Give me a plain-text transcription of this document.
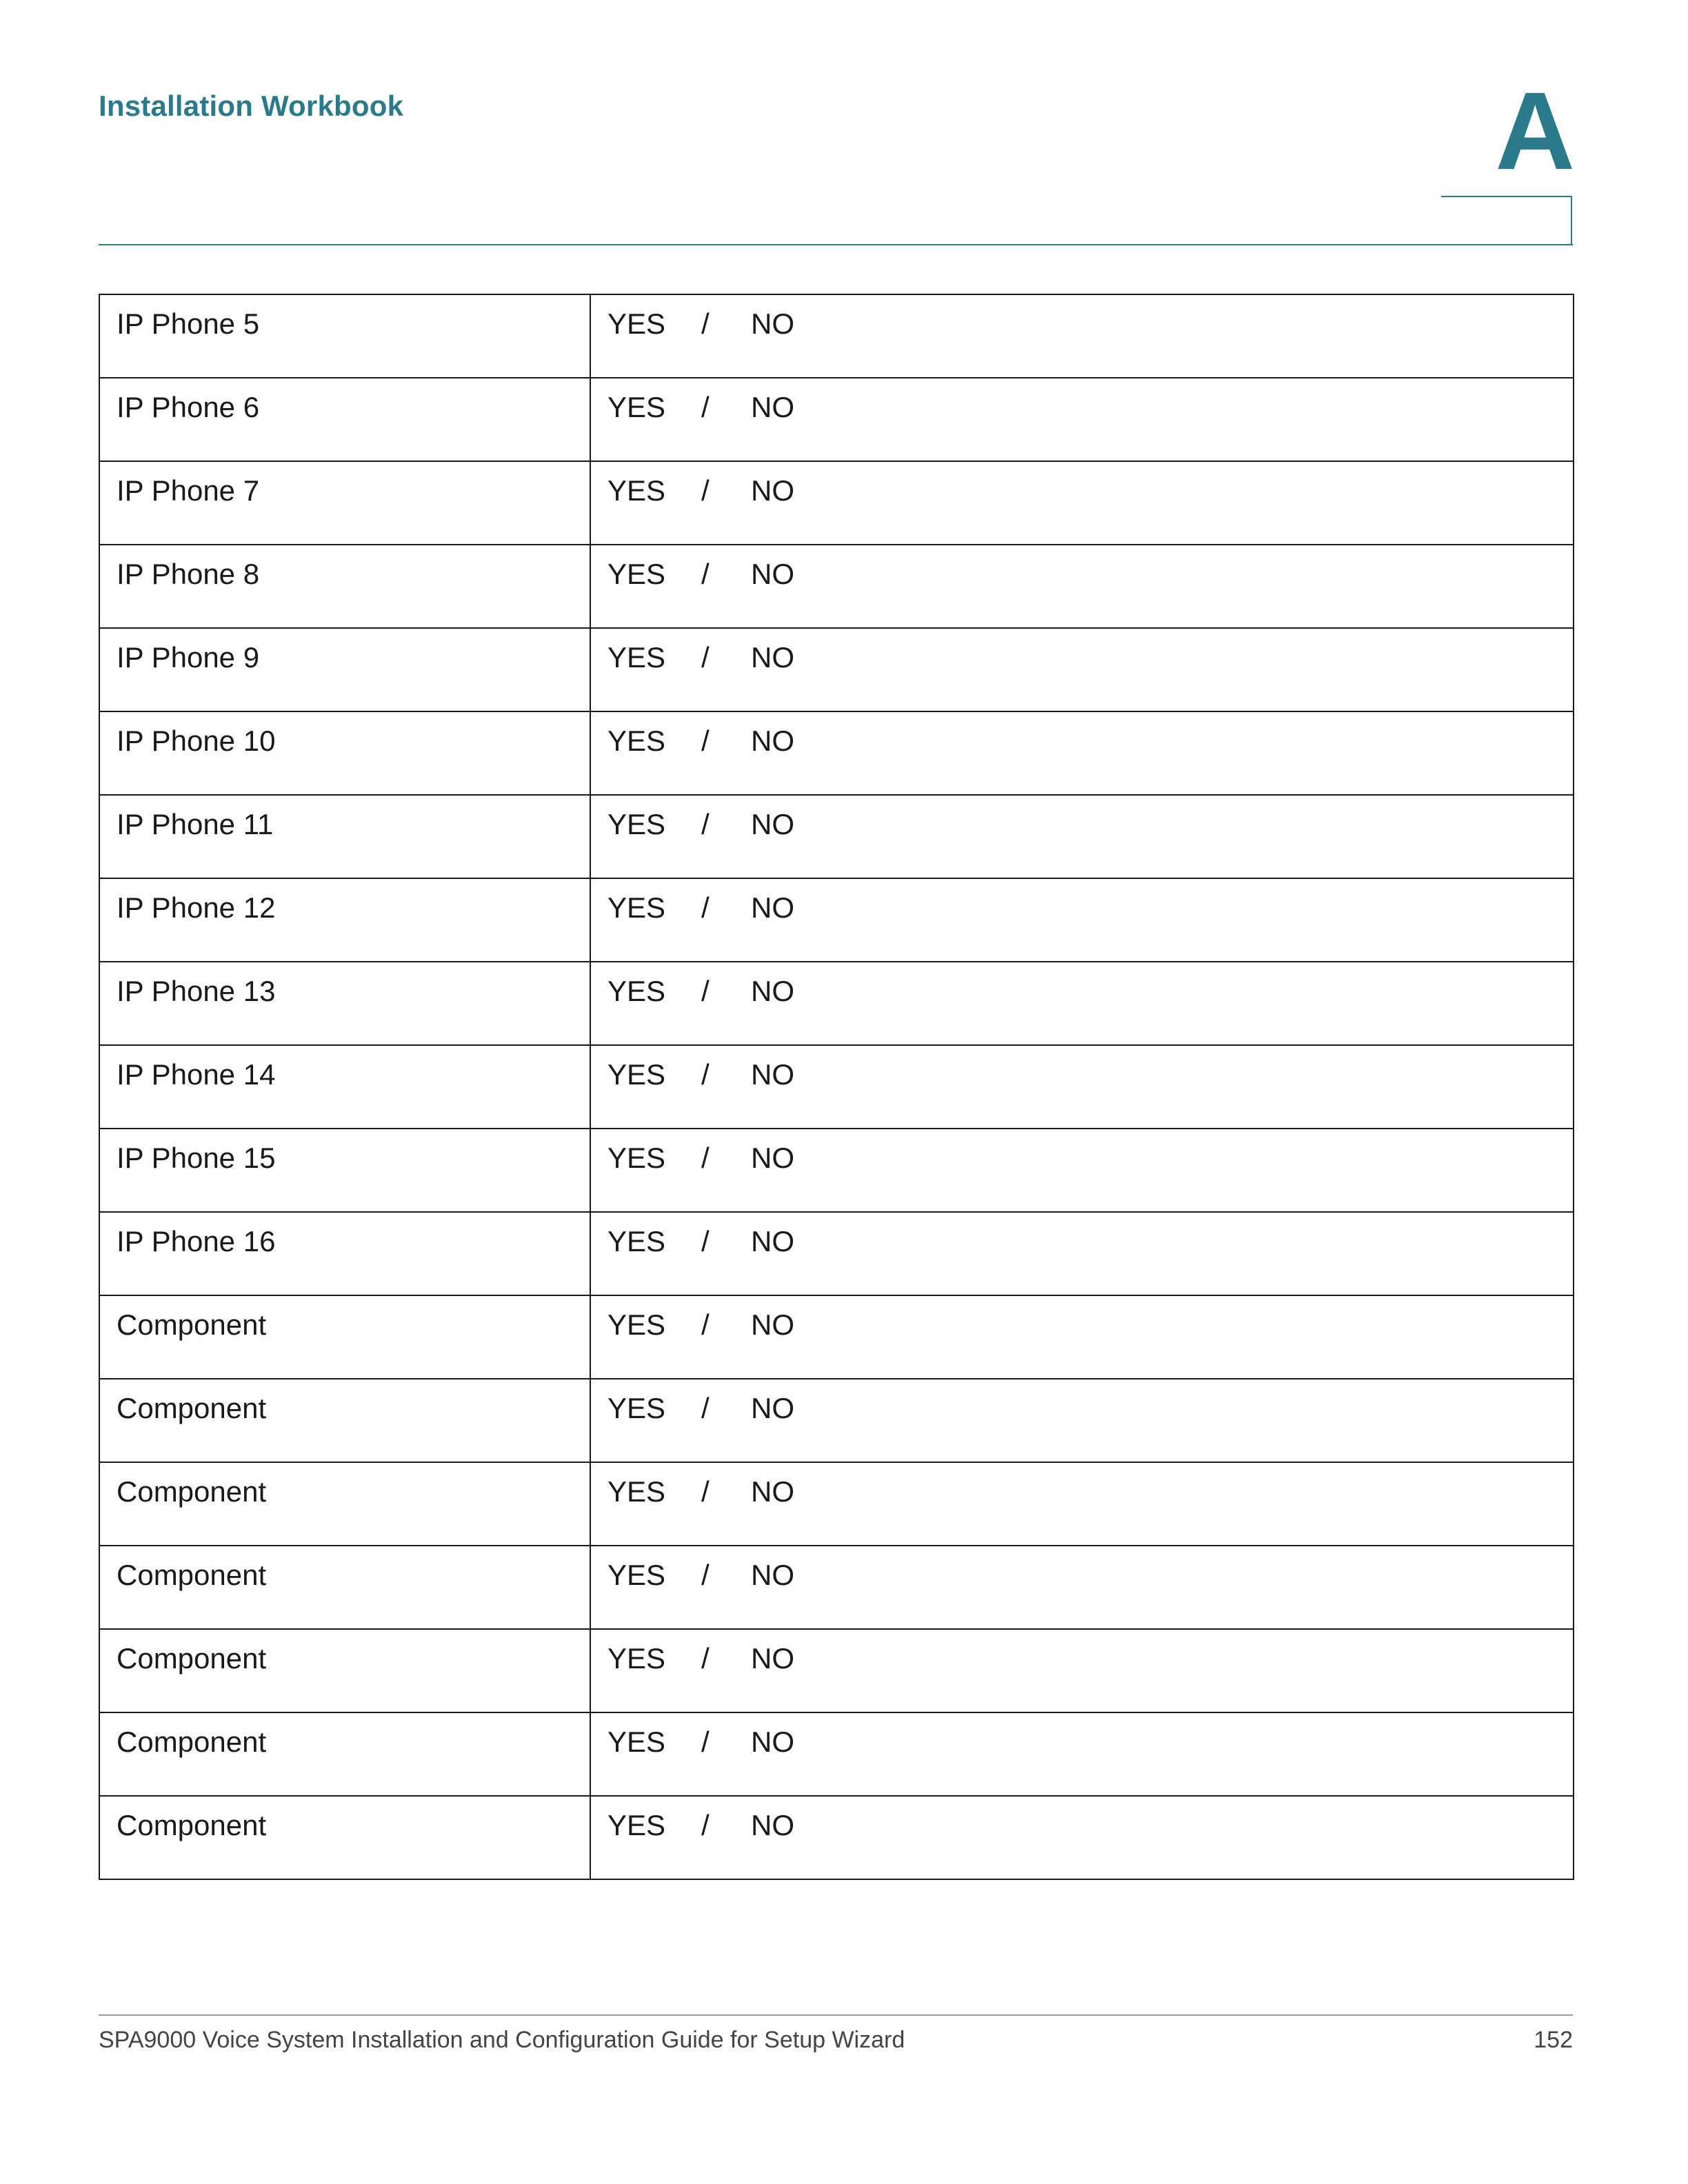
Installation Workbook	A
IP Phone 5	YES / NO
IP Phone 6	YES / NO
IP Phone 7	YES / NO
IP Phone 8	YES / NO
IP Phone 9	YES / NO
IP Phone 10	YES / NO
IP Phone 11	YES / NO
IP Phone 12	YES / NO
IP Phone 13	YES / NO
IP Phone 14	YES / NO
IP Phone 15	YES / NO
IP Phone 16	YES / NO
Component	YES / NO
Component	YES / NO
Component	YES / NO
Component	YES / NO
Component	YES / NO
Component	YES / NO
Component	YES / NO
SPA9000 Voice System Installation and Configuration Guide for Setup Wizard	152
